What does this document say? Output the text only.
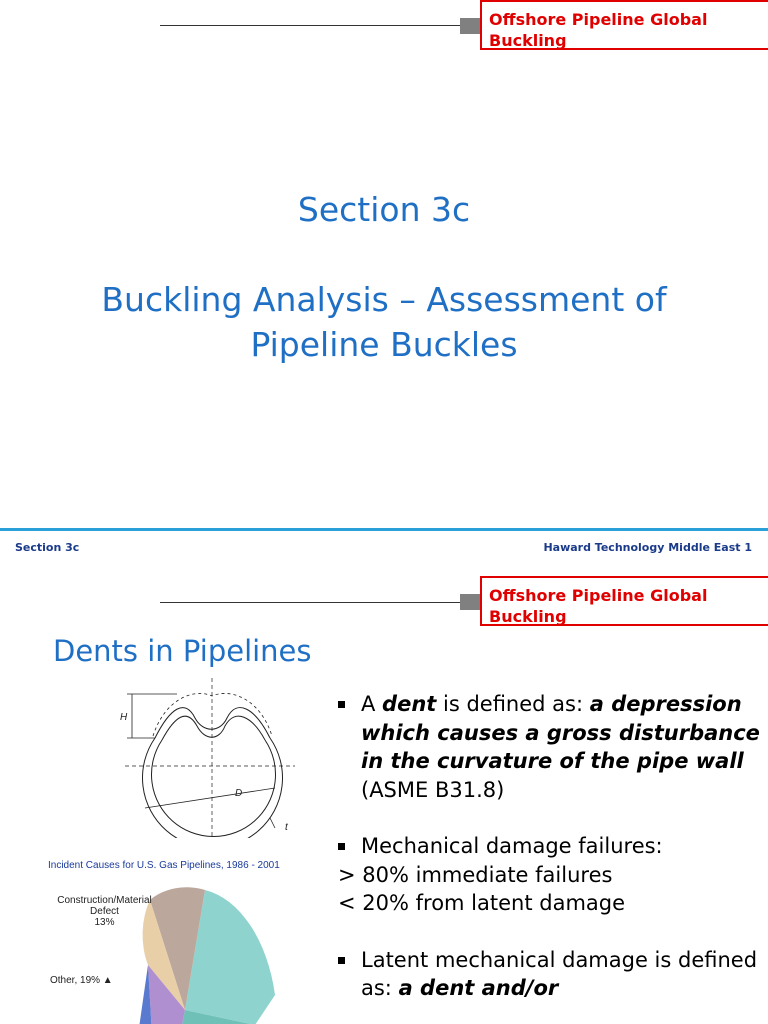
Offshore Pipeline Global Buckling
Section 3c
Buckling Analysis – Assessment of
Pipeline Buckles
Section 3c	Haward Technology Middle East 1
Offshore Pipeline Global Buckling
Dents in Pipelines
H
D
t
Incident Causes for U.S. Gas Pipelines, 1986 - 2001
Construction/Material
Defect
13%
Other, 19% ▲
A dent is defined as: a depression which causes a gross disturbance in the curvature of the pipe wall
(ASME B31.8)
Mechanical damage failures:
> 80% immediate failures
< 20% from latent damage
Latent mechanical damage is defined as: a dent and/or
